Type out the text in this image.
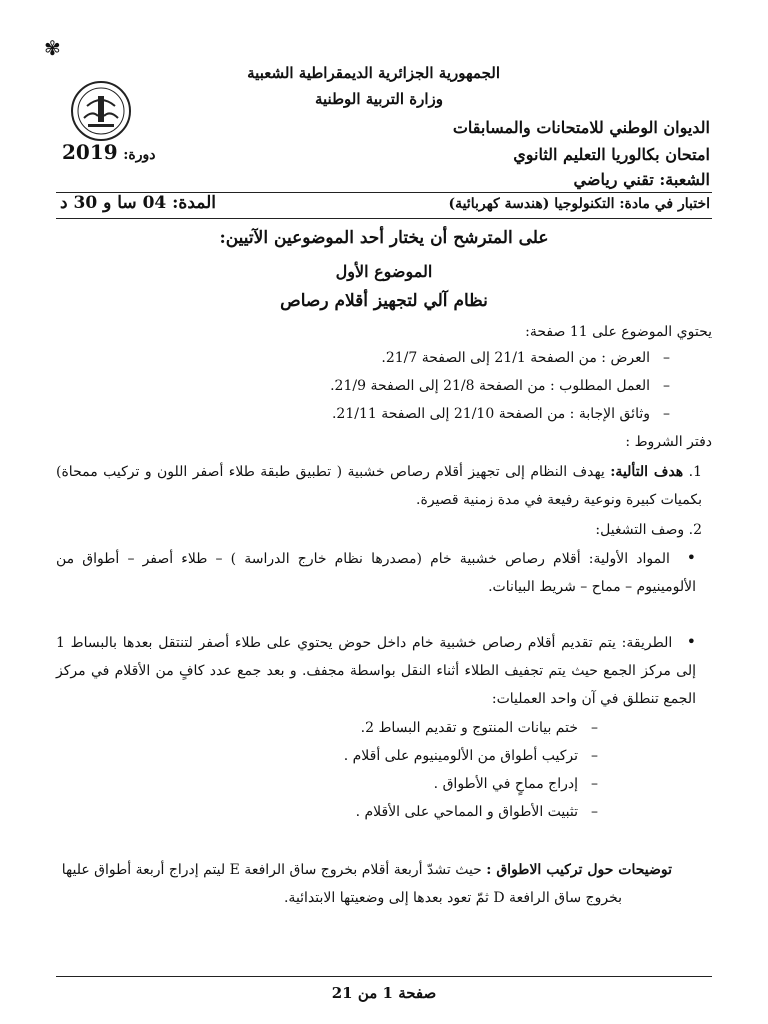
✾
الجمهورية الجزائرية الديمقراطية الشعبية
وزارة التربية الوطنية
الديوان الوطني للامتحانات والمسابقات
امتحان بكالوريا التعليم الثانوي
دورة: 2019
الشعبة: تقني رياضي
اختبار في مادة: التكنولوجيا (هندسة كهربائية)
المدة: 04 سا و 30 د
على المترشح أن يختار أحد الموضوعين الآتيين:
الموضوع الأول
نظام آلي لتجهيز أقلام رصاص
يحتوي الموضوع على 11 صفحة:
– العرض : من الصفحة 21/1 إلى الصفحة 21/7.
– العمل المطلوب : من الصفحة 21/8 إلى الصفحة 21/9.
– وثائق الإجابة : من الصفحة 21/10 إلى الصفحة 21/11.
دفتر الشروط :
1. هدف التألية: يهدف النظام إلى تجهيز أقلام رصاص خشبية ( تطبيق طبقة طلاء أصفر اللون و تركيب ممحاة) بكميات كبيرة ونوعية رفيعة في مدة زمنية قصيرة.
2. وصف التشغيل:
• المواد الأولية: أقلام رصاص خشبية خام (مصدرها نظام خارج الدراسة ) – طلاء أصفر – أطواق من الألومينيوم – مماح – شريط البيانات.
• الطريقة: يتم تقديم أقلام رصاص خشبية خام داخل حوض يحتوي على طلاء أصفر لتنتقل بعدها بالبساط 1 إلى مركز الجمع حيث يتم تجفيف الطلاء أثناء النقل بواسطة مجفف. و بعد جمع عدد كافٍ من الأقلام في مركز الجمع تنطلق في آن واحد العمليات:
– ختم بيانات المنتوج و تقديم البساط 2.
– تركيب أطواق من الألومينيوم على أقلام .
– إدراج مماحٍ في الأطواق .
– تثبيت الأطواق و المماحي على الأقلام .
توضيحات حول تركيب الاطواق : حيث تشدّ أربعة أقلام بخروج ساق الرافعة E ليتم إدراج أربعة أطواق عليها
بخروج ساق الرافعة D ثمّ تعود بعدها إلى وضعيتها الابتدائية.
صفحة 1 من 21
